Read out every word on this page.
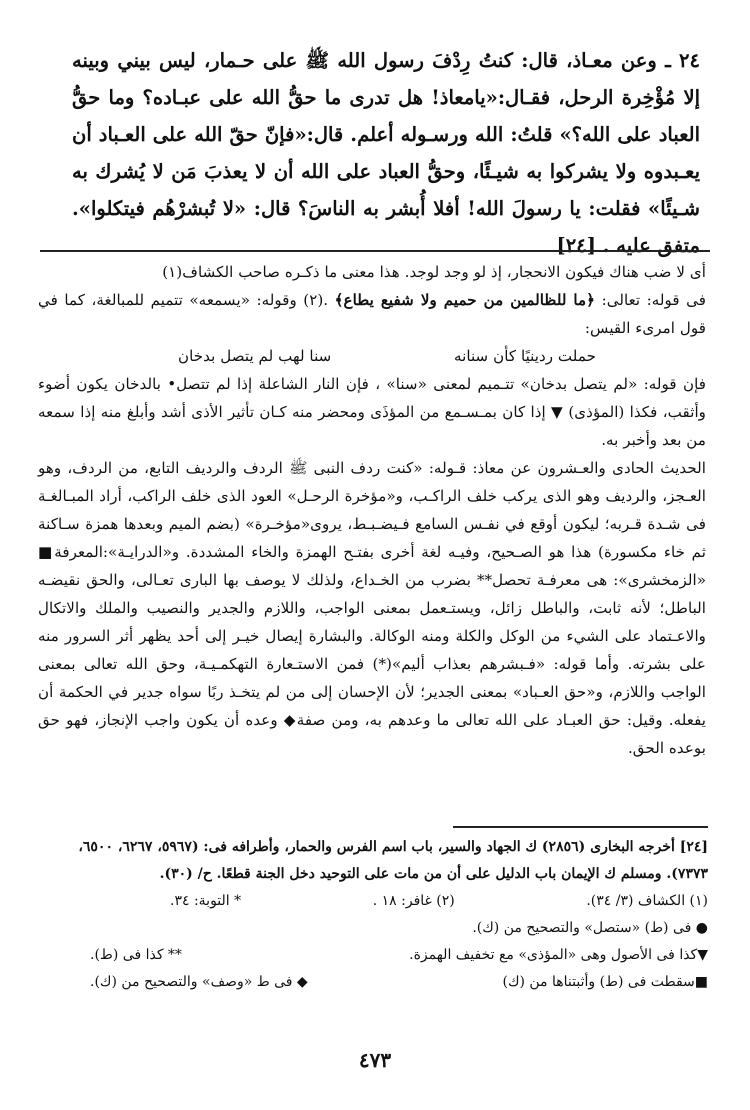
٢٤ ـ وعن معـاذ، قال: كنتُ رِدْفَ رسول الله ﷺ على حـمار، ليس بيني وبينه إلا مُؤْخِرة الرحل، فقـال:«يامعاذ! هل تدرى ما حقُّ الله على عبـاده؟ وما حقُّ العباد على الله؟» قلتُ: الله ورسـوله أعلم. قال:«فإنّ حقّ الله على العـباد أن يعـبدوه ولا يشركوا به شيـئًا، وحقُّ العباد على الله أن لا يعذبَ مَن لا يُشرك به شـيئًا» فقلت: يا رسولَ الله! أفلا أُبشر به الناسَ؟ قال: «لا تُبشرْهُم فيتكلوا». متفق عليه . [٢٤]

أى لا ضب هناك فيكون الانحجار، إذ لو وجد لوجد. هذا معنى ما ذكـره صاحب الكشاف(١)

فى قوله: تعالى: ﴿ما للظالمين من حميم ولا شفيع يطاع﴾ .(٢) وقوله: «يسمعه» تتميم للمبالغة، كما في قول امرىء القيس:

حملت ردينيًا كأن سنانه
سنا لهب لم يتصل بدخان

فإن قوله: «لم يتصل بدخان» تتـميم لمعنى «سنا» ، فإن النار الشاعلة إذا لم تتصل• بالدخان يكون أضوء وأثقب، فكذا (المؤذى) ▼ إذا كان بمـسـمع من المؤذَى ومحضر منه كـان تأثير الأذى أشد وأبلغ منه إذا سمعه من بعد وأخبر به.

الحديث الحادى والعـشرون عن معاذ: قـوله: «كنت ردف النبى ﷺ الردف والرديف التابع، من الردف، وهو العـجز، والرديف وهو الذى يركب خلف الراكـب، و«مؤخرة الرحـل» العود الذى خلف الراكب، أراد المبـالغـة فى شـدة قـربه؛ ليكون أوقع في نفـس السامع فـيضـبـط، يروى«مؤخـرة» (بضم الميم وبعدها همزة سـاكنة ثم خاء مكسورة) هذا هو الصـحيح، وفيـه لغة أخرى بفتـح الهمزة والخاء المشددة. و«الدرايـة»:المعرفة■ «الزمخشرى»: هى معرفـة تحصل** بضرب من الخـداع، ولذلك لا يوصف بها البارى تعـالى، والحق نقيضـه الباطل؛ لأنه ثابت، والباطل زائل، ويستـعمل بمعنى الواجب، واللازم والجدير والنصيب والملك والاتكال والاعـتماد على الشيء من الوكل والكلة ومنه الوكالة. والبشارة إيصال خيـر إلى أحد يظهر أثر السرور منه على بشرته. وأما قوله: «فـبشرهم بعذاب أليم»(*) فمن الاستـعارة التهكمـيـة، وحق الله تعالى بمعنى الواجب واللازم، و«حق العـباد» بمعنى الجدير؛ لأن الإحسان إلى من لم يتخـذ ربًا سواه جدير في الحكمة أن يفعله. وقيل: حق العبـاد على الله تعالى ما وعدهم به، ومن صفة◆ وعده أن يكون واجب الإنجاز، فهو حق بوعده الحق.

[٢٤] أخرجه البخارى (٢٨٥٦) ك الجهاد والسير، باب اسم الفرس والحمار، وأطرافه فى: (٥٩٦٧، ٦٢٦٧، ٦٥٠٠، ٧٣٧٣). ومسلم ك الإيمان باب الدليل على أن من مات على التوحيد دخل الجنة قطعًا. ح/ (٣٠).

(١) الكشاف (٣/ ٣٤).
(٢) غافر: ١٨ .
* التوبة: ٣٤.

● فى (ط) «ستصل» والتصحيح من (ك).

▼كذا فى الأصول وهى «المؤذى» مع تخفيف الهمزة.
** كذا فى (ط).
■سقطت فى (ط) وأثبتناها من (ك)
◆ فى ط «وصف» والتصحيح من (ك).
٤٧٣
